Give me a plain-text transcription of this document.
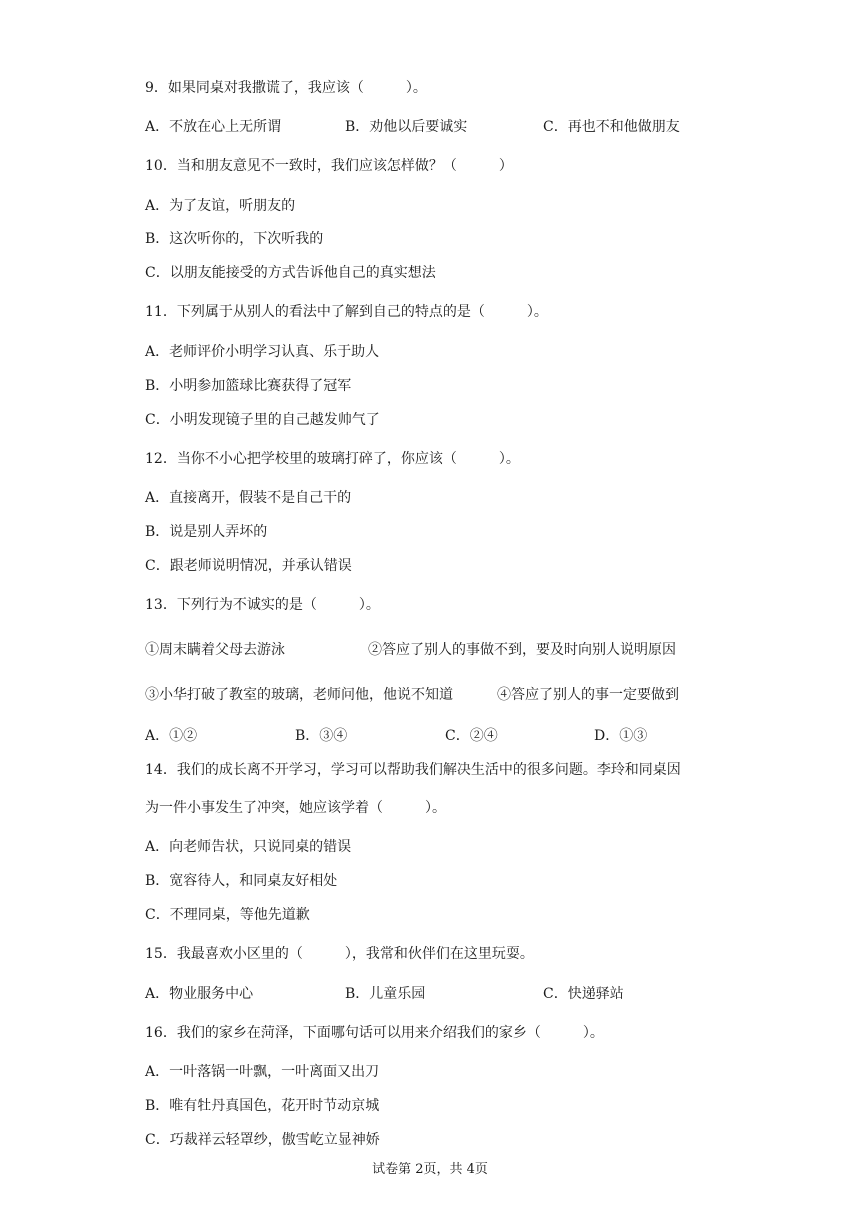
9．如果同桌对我撒谎了，我应该（　　　）。
A．不放在心上无所谓	B．劝他以后要诚实	C．再也不和他做朋友
10．当和朋友意见不一致时，我们应该怎样做？（　　　）
A．为了友谊，听朋友的
B．这次听你的，下次听我的
C．以朋友能接受的方式告诉他自己的真实想法
11．下列属于从别人的看法中了解到自己的特点的是（　　　）。
A．老师评价小明学习认真、乐于助人
B．小明参加篮球比赛获得了冠军
C．小明发现镜子里的自己越发帅气了
12．当你不小心把学校里的玻璃打碎了，你应该（　　　）。
A．直接离开，假装不是自己干的
B．说是别人弄坏的
C．跟老师说明情况，并承认错误
13．下列行为不诚实的是（　　　）。
①周末瞒着父母去游泳	②答应了别人的事做不到，要及时向别人说明原因
③小华打破了教室的玻璃，老师问他，他说不知道	④答应了别人的事一定要做到
A．①②	B．③④	C．②④	D．①③
14．我们的成长离不开学习，学习可以帮助我们解决生活中的很多问题。李玲和同桌因
为一件小事发生了冲突，她应该学着（　　　）。
A．向老师告状，只说同桌的错误
B．宽容待人，和同桌友好相处
C．不理同桌，等他先道歉
15．我最喜欢小区里的（　　　），我常和伙伴们在这里玩耍。
A．物业服务中心	B．儿童乐园	C．快递驿站
16．我们的家乡在菏泽，下面哪句话可以用来介绍我们的家乡（　　　）。
A．一叶落锅一叶飘，一叶离面又出刀
B．唯有牡丹真国色，花开时节动京城
C．巧裁祥云轻罩纱，傲雪屹立显神娇
试卷第 2页，共 4页
